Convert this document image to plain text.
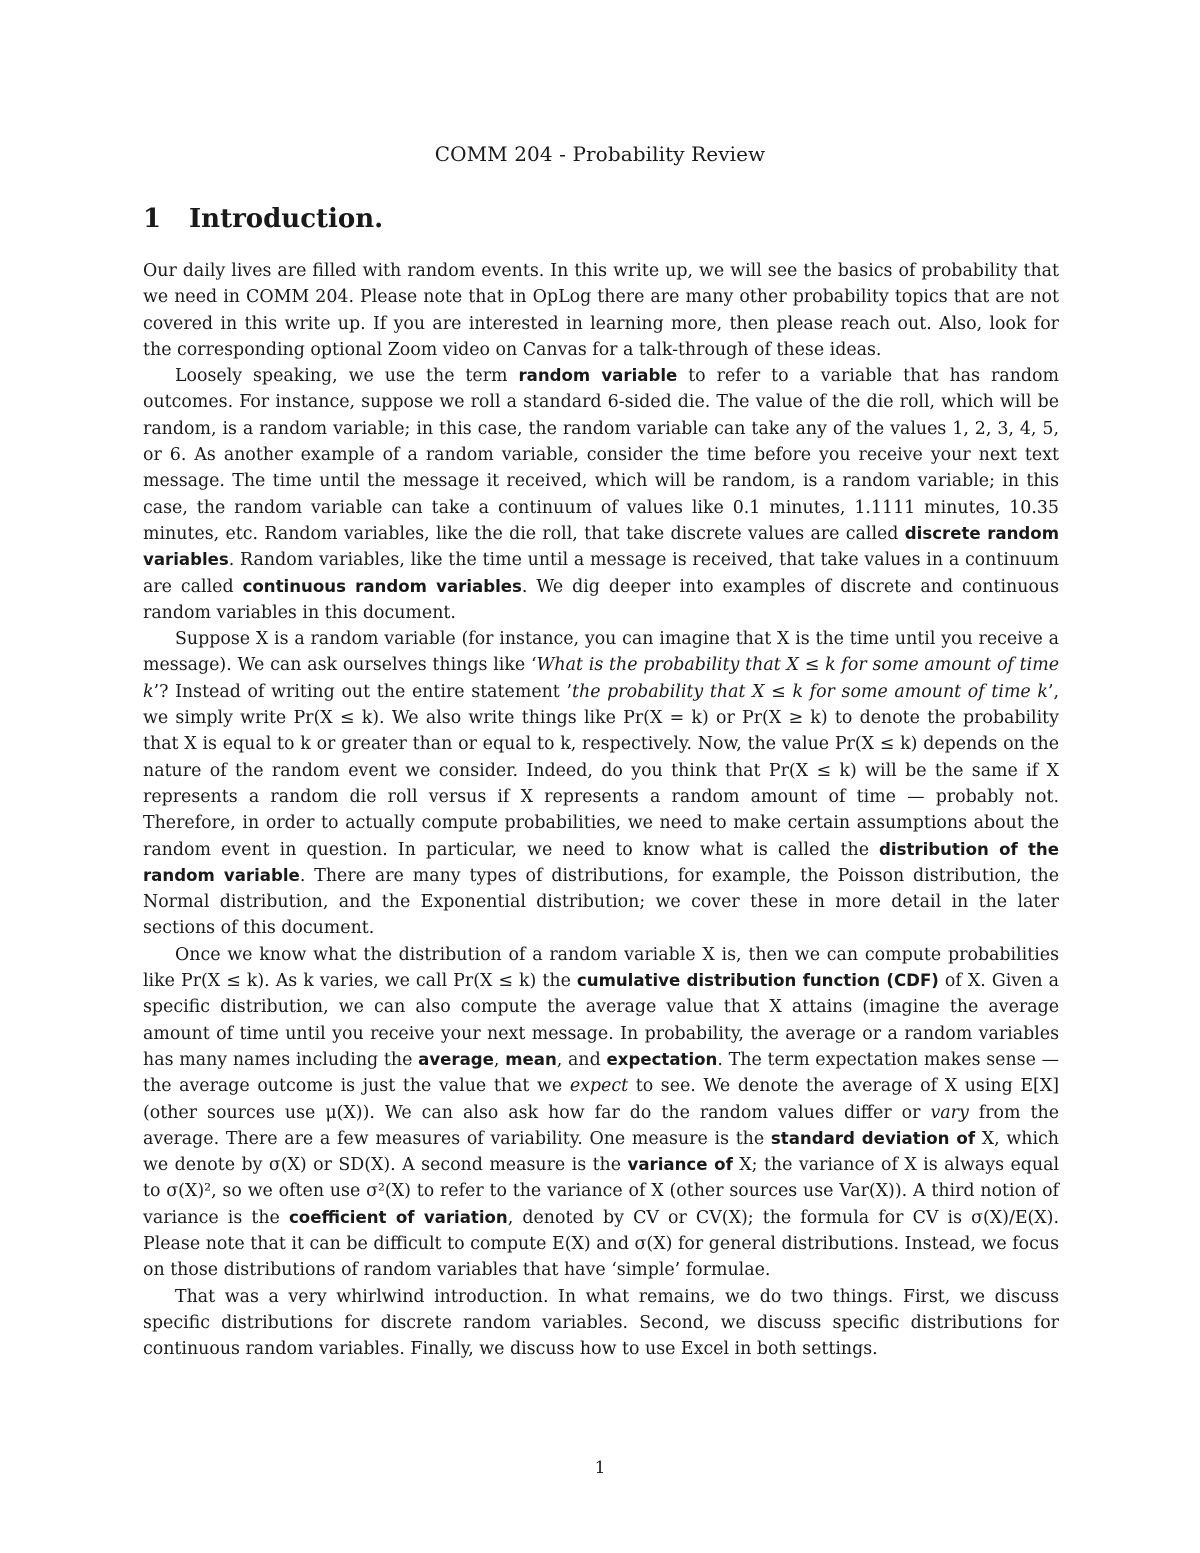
COMM 204 - Probability Review
1 Introduction.

Our daily lives are filled with random events. In this write up, we will see the basics of probability that we need in COMM 204. Please note that in OpLog there are many other probability topics that are not covered in this write up. If you are interested in learning more, then please reach out. Also, look for the corresponding optional Zoom video on Canvas for a talk-through of these ideas.

Loosely speaking, we use the term random variable to refer to a variable that has random outcomes. For instance, suppose we roll a standard 6-sided die. The value of the die roll, which will be random, is a random variable; in this case, the random variable can take any of the values 1, 2, 3, 4, 5, or 6. As another example of a random variable, consider the time before you receive your next text message. The time until the message it received, which will be random, is a random variable; in this case, the random variable can take a continuum of values like 0.1 minutes, 1.1111 minutes, 10.35 minutes, etc. Random variables, like the die roll, that take discrete values are called discrete random variables. Random variables, like the time until a message is received, that take values in a continuum are called continuous random variables. We dig deeper into examples of discrete and continuous random variables in this document.

Suppose X is a random variable (for instance, you can imagine that X is the time until you receive a message). We can ask ourselves things like ‘What is the probability that X ≤ k for some amount of time k’? Instead of writing out the entire statement ’the probability that X ≤ k for some amount of time k’, we simply write Pr(X ≤ k). We also write things like Pr(X = k) or Pr(X ≥ k) to denote the probability that X is equal to k or greater than or equal to k, respectively. Now, the value Pr(X ≤ k) depends on the nature of the random event we consider. Indeed, do you think that Pr(X ≤ k) will be the same if X represents a random die roll versus if X represents a random amount of time — probably not. Therefore, in order to actually compute probabilities, we need to make certain assumptions about the random event in question. In particular, we need to know what is called the distribution of the random variable. There are many types of distributions, for example, the Poisson distribution, the Normal distribution, and the Exponential distribution; we cover these in more detail in the later sections of this document.

Once we know what the distribution of a random variable X is, then we can compute probabilities like Pr(X ≤ k). As k varies, we call Pr(X ≤ k) the cumulative distribution function (CDF) of X. Given a specific distribution, we can also compute the average value that X attains (imagine the average amount of time until you receive your next message. In probability, the average or a random variables has many names including the average, mean, and expectation. The term expectation makes sense — the average outcome is just the value that we expect to see. We denote the average of X using E[X] (other sources use μ(X)). We can also ask how far do the random values differ or vary from the average. There are a few measures of variability. One measure is the standard deviation of X, which we denote by σ(X) or SD(X). A second measure is the variance of X; the variance of X is always equal to σ(X)², so we often use σ²(X) to refer to the variance of X (other sources use Var(X)). A third notion of variance is the coefficient of variation, denoted by CV or CV(X); the formula for CV is σ(X)/E(X). Please note that it can be difficult to compute E(X) and σ(X) for general distributions. Instead, we focus on those distributions of random variables that have ‘simple’ formulae.

That was a very whirlwind introduction. In what remains, we do two things. First, we discuss specific distributions for discrete random variables. Second, we discuss specific distributions for continuous random variables. Finally, we discuss how to use Excel in both settings.

1
